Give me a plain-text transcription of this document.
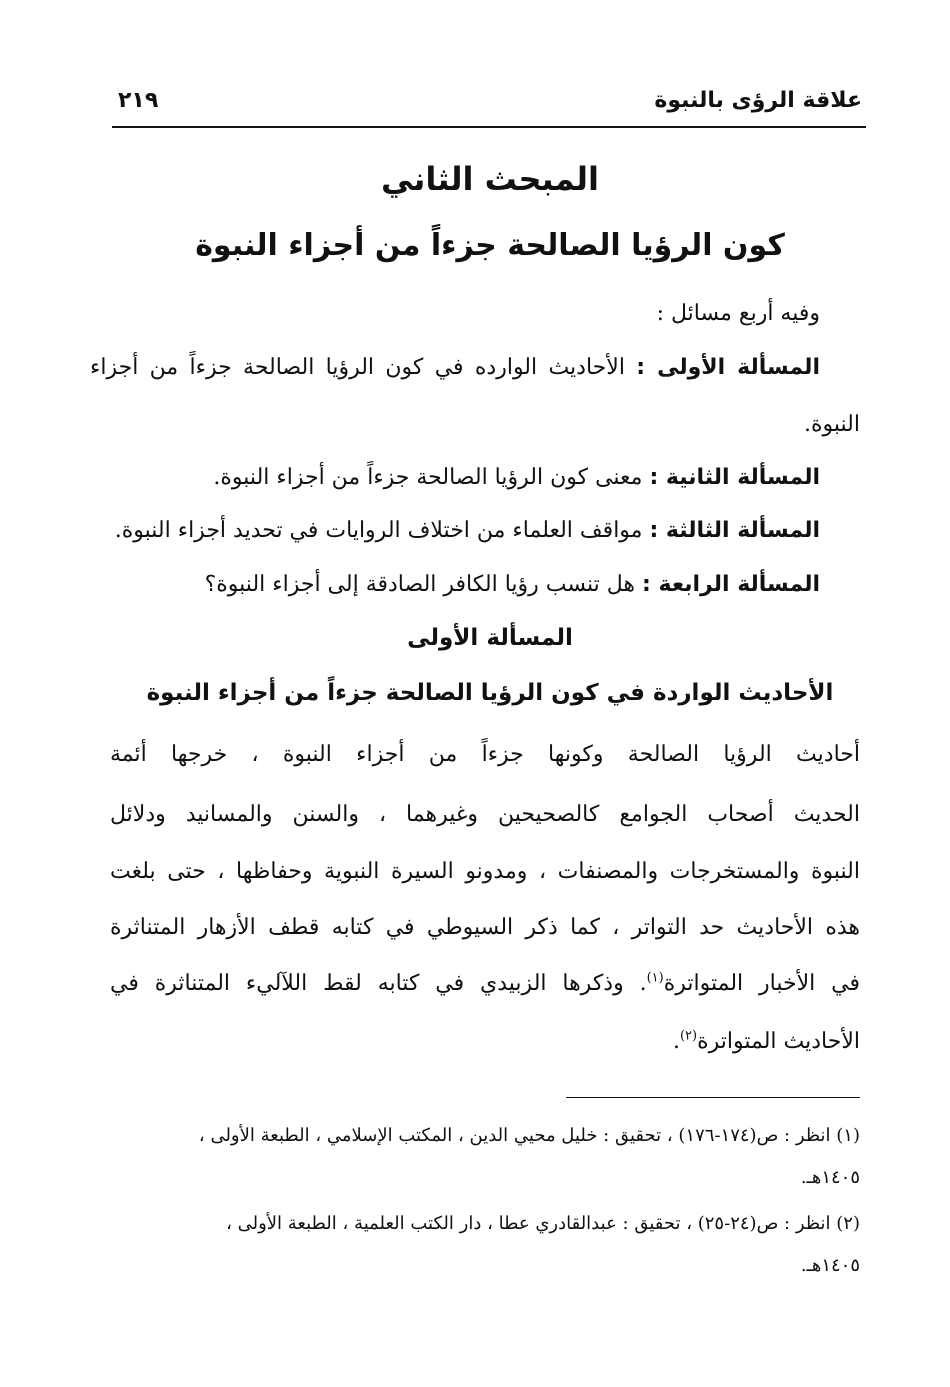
علاقة الرؤى بالنبوة
٢١٩
المبحث الثاني
كون الرؤيا الصالحة جزءاً من أجزاء النبوة
وفيه أربع مسائل :
المسألة الأولى : الأحاديث الوارده في كون الرؤيا الصالحة جزءاً من أجزاء
النبوة.
المسألة الثانية : معنى كون الرؤيا الصالحة جزءاً من أجزاء النبوة.
المسألة الثالثة : مواقف العلماء من اختلاف الروايات في تحديد أجزاء النبوة.
المسألة الرابعة : هل تنسب رؤيا الكافر الصادقة إلى أجزاء النبوة؟
المسألة الأولى
الأحاديث الواردة في كون الرؤيا الصالحة جزءاً من أجزاء النبوة
أحاديث الرؤيا الصالحة وكونها جزءاً من أجزاء النبوة ، خرجها أئمة
الحديث أصحاب الجوامع كالصحيحين وغيرهما ، والسنن والمسانيد ودلائل
النبوة والمستخرجات والمصنفات ، ومدونو السيرة النبوية وحفاظها ، حتى بلغت
هذه الأحاديث حد التواتر ، كما ذكر السيوطي في كتابه قطف الأزهار المتناثرة
في الأخبار المتواترة$^{(١)}$. وذكرها الزبيدي في كتابه لقط اللآليء المتناثرة في
الأحاديث المتواترة$^{(٢)}$.
(١) انظر : ص(١٧٤-١٧٦) ، تحقيق : خليل محيي الدين ، المكتب الإسلامي ، الطبعة الأولى ،
١٤٠٥هـ.
(٢) انظر : ص(٢٤-٢٥) ، تحقيق : عبدالقادري عطا ، دار الكتب العلمية ، الطبعة الأولى ،
١٤٠٥هـ.
